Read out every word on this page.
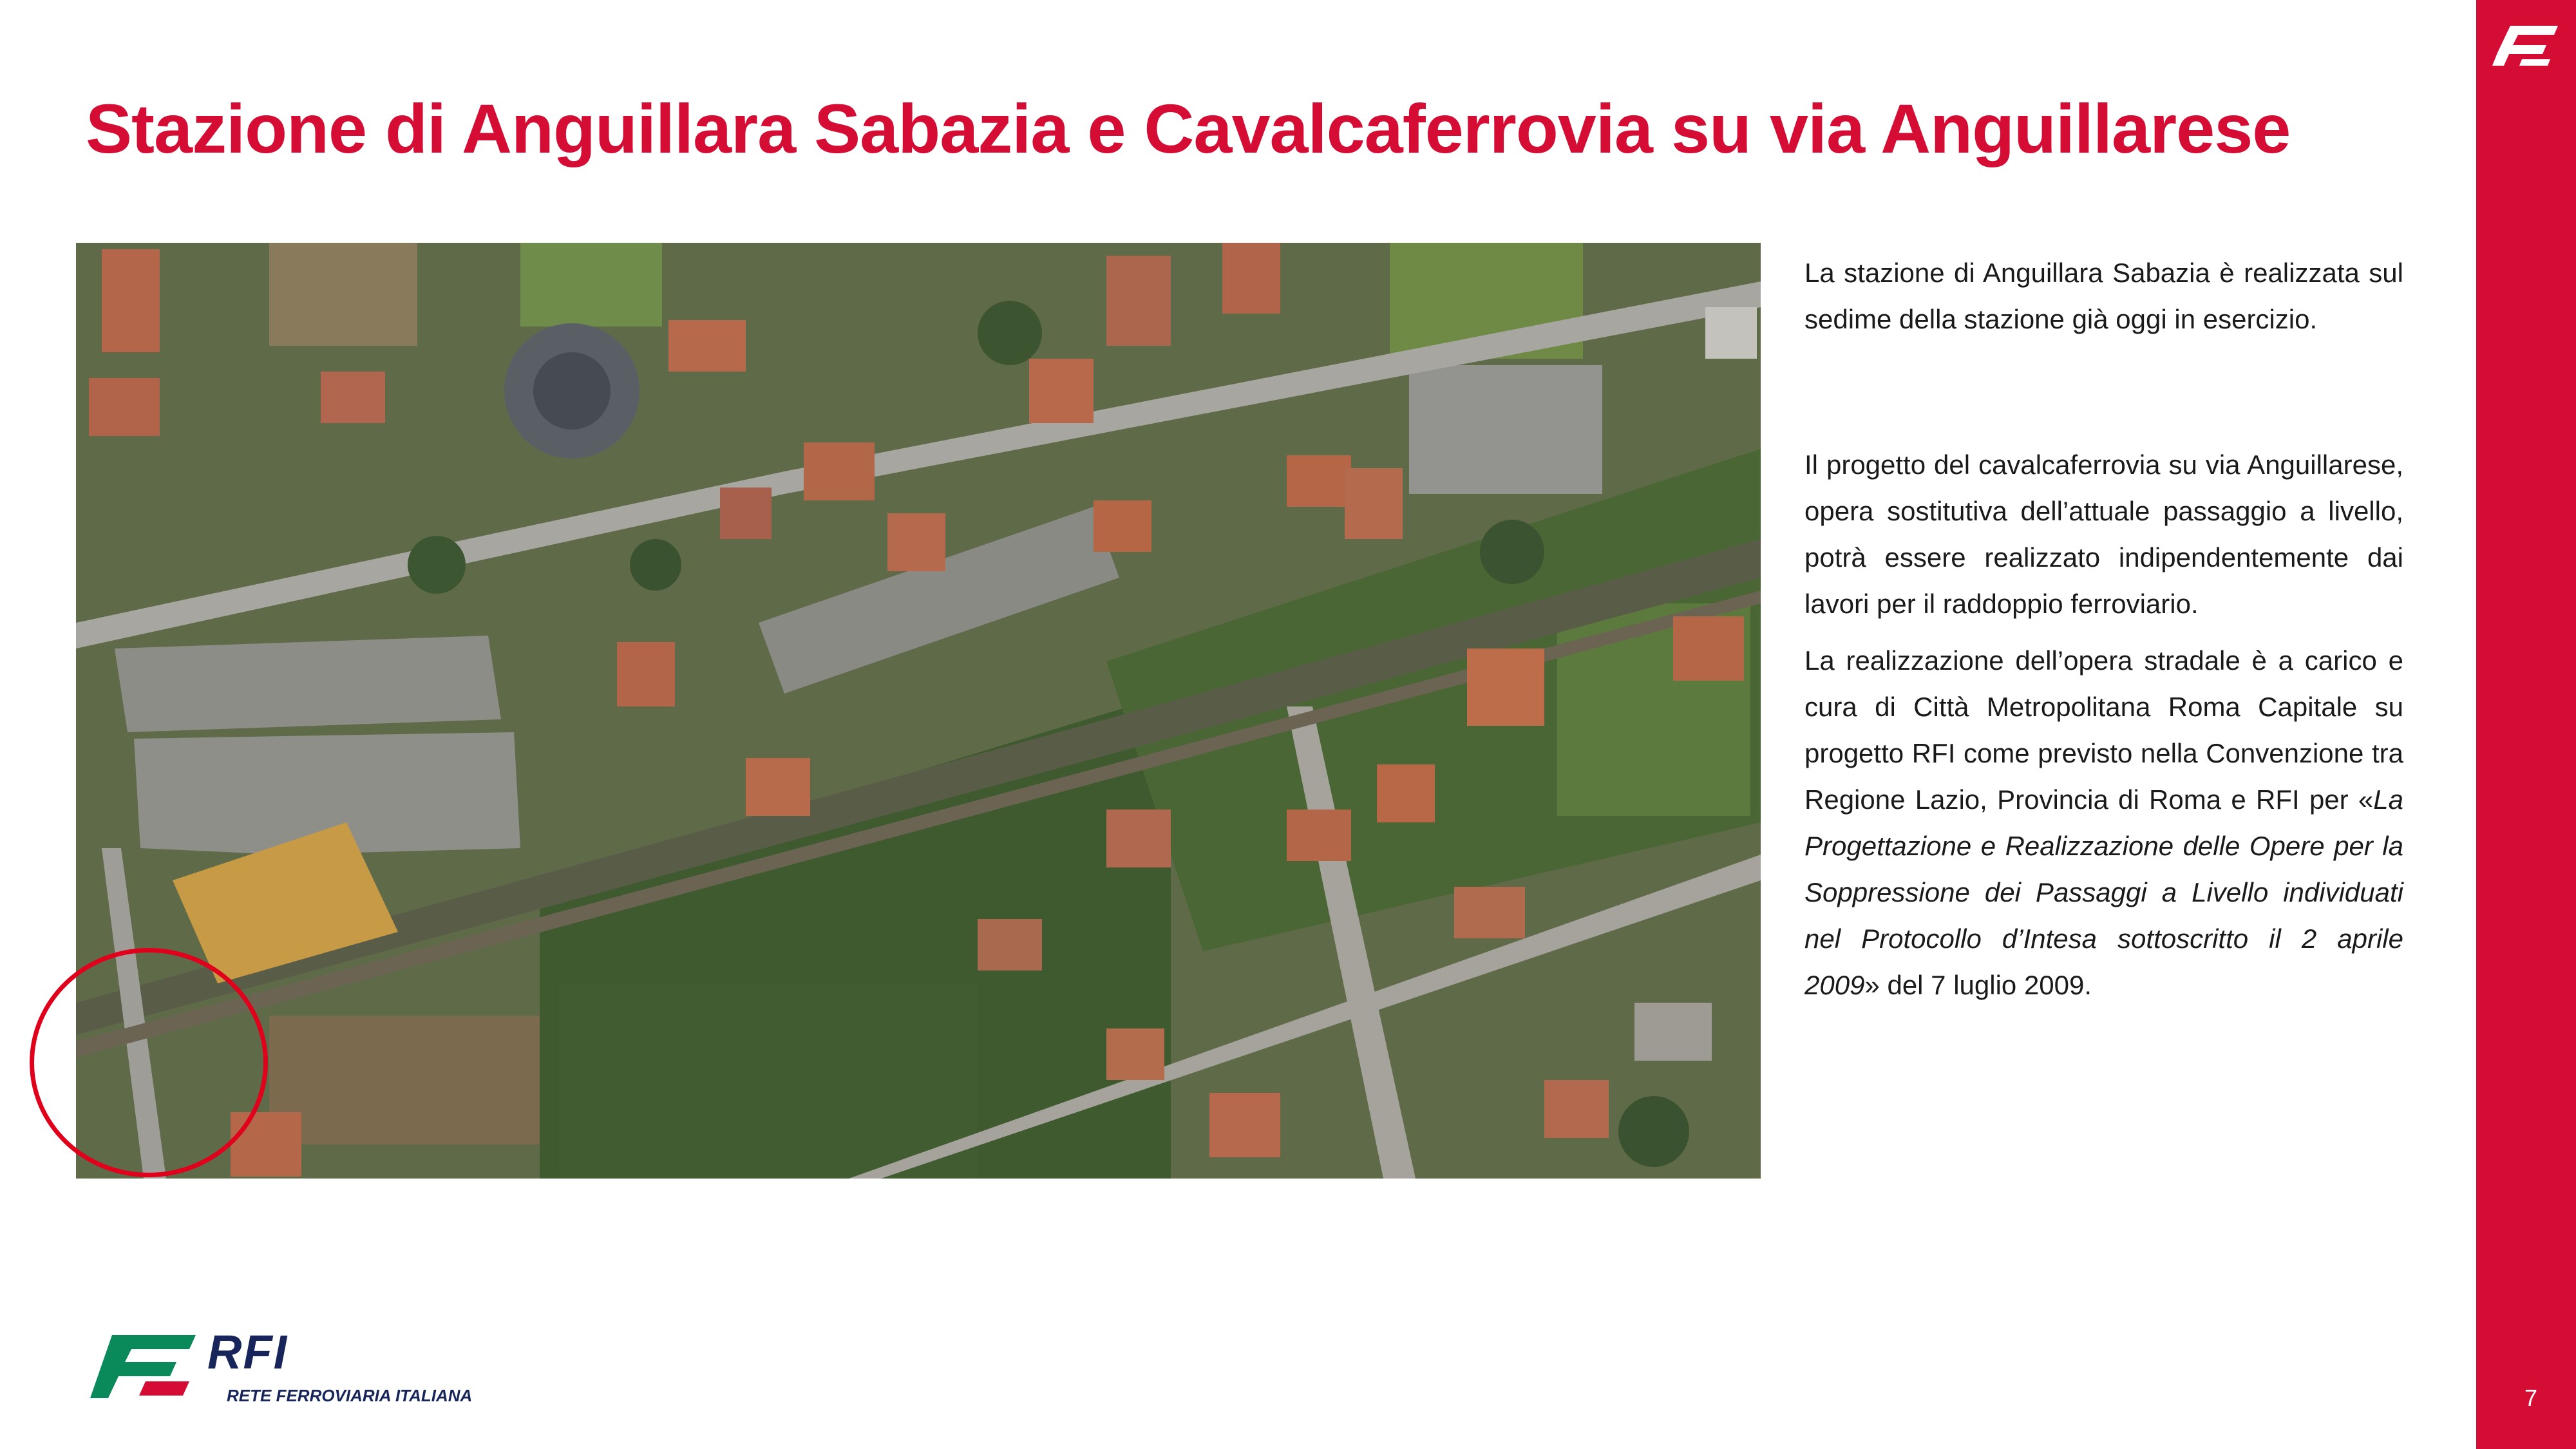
Stazione di Anguillara Sabazia e Cavalcaferrovia su via Anguillarese

La stazione di Anguillara Sabazia è realizzata sul sedime della stazione già oggi in esercizio.

Il progetto del cavalcaferrovia su via Anguillarese, opera sostitutiva dell’attuale passaggio a livello, potrà essere realizzato indipendentemente dai lavori per il raddoppio ferroviario.

La realizzazione dell’opera stradale è a carico e cura di Città Metropolitana Roma Capitale su progetto RFI come previsto nella Convenzione tra Regione Lazio, Provincia di Roma e RFI per «La Progettazione e Realizzazione delle Opere per la Soppressione dei Passaggi a Livello individuati nel Protocollo d’Intesa sottoscritto il 2 aprile 2009» del 7 luglio 2009.

7
RFI
RETE FERROVIARIA ITALIANA
